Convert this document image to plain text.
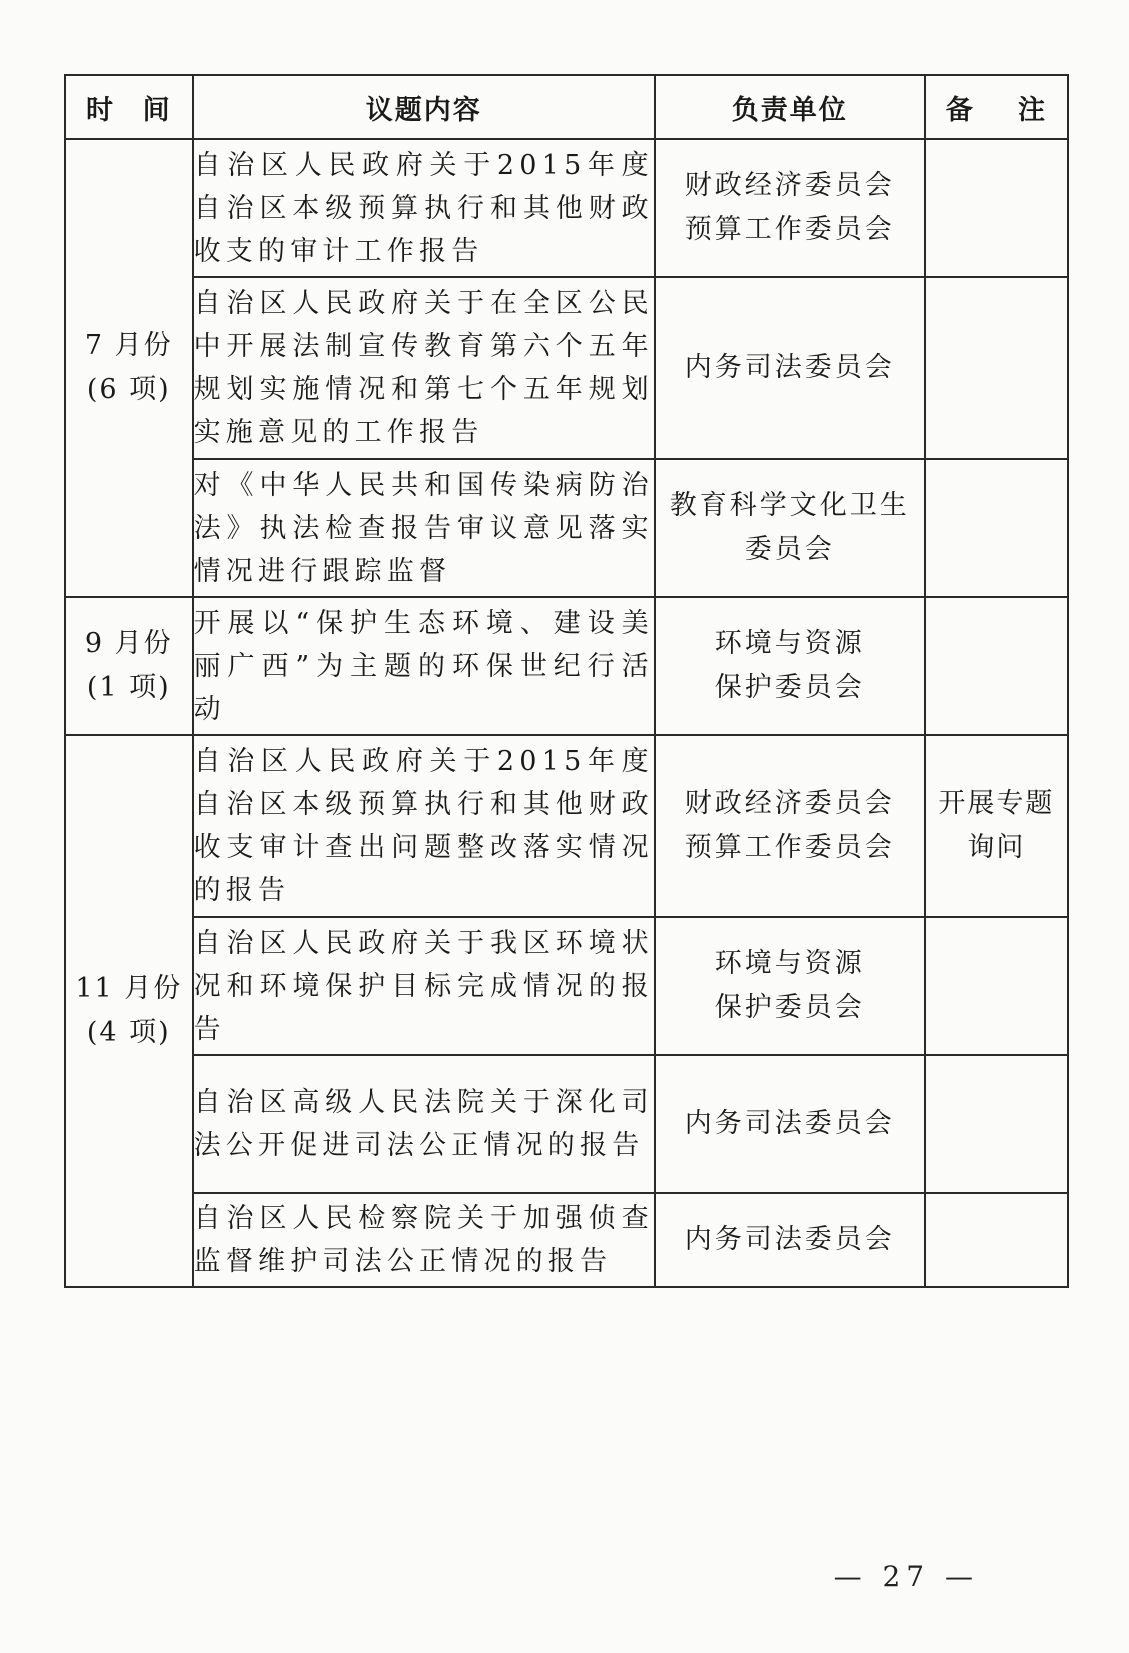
时 间	议题内容	负责单位	备 注

7 月份
(6 项)	自治区人民政府关于2015年度自治区本级预算执行和其他财政收支的审计工作报告	财政经济委员会
预算工作委员会	

	自治区人民政府关于在全区公民中开展法制宣传教育第六个五年规划实施情况和第七个五年规划实施意见的工作报告	内务司法委员会	

	对《中华人民共和国传染病防治法》执法检查报告审议意见落实情况进行跟踪监督	教育科学文化卫生
委员会	

9 月份
(1 项)	开展以“保护生态环境、建设美丽广西”为主题的环保世纪行活动	环境与资源
保护委员会	

11 月份
(4 项)	自治区人民政府关于2015年度自治区本级预算执行和其他财政收支审计查出问题整改落实情况的报告	财政经济委员会
预算工作委员会	开展专题
询问

	自治区人民政府关于我区环境状况和环境保护目标完成情况的报告	环境与资源
保护委员会	

	自治区高级人民法院关于深化司法公开促进司法公正情况的报告	内务司法委员会	

	自治区人民检察院关于加强侦查监督维护司法公正情况的报告	内务司法委员会	

— 27 —
